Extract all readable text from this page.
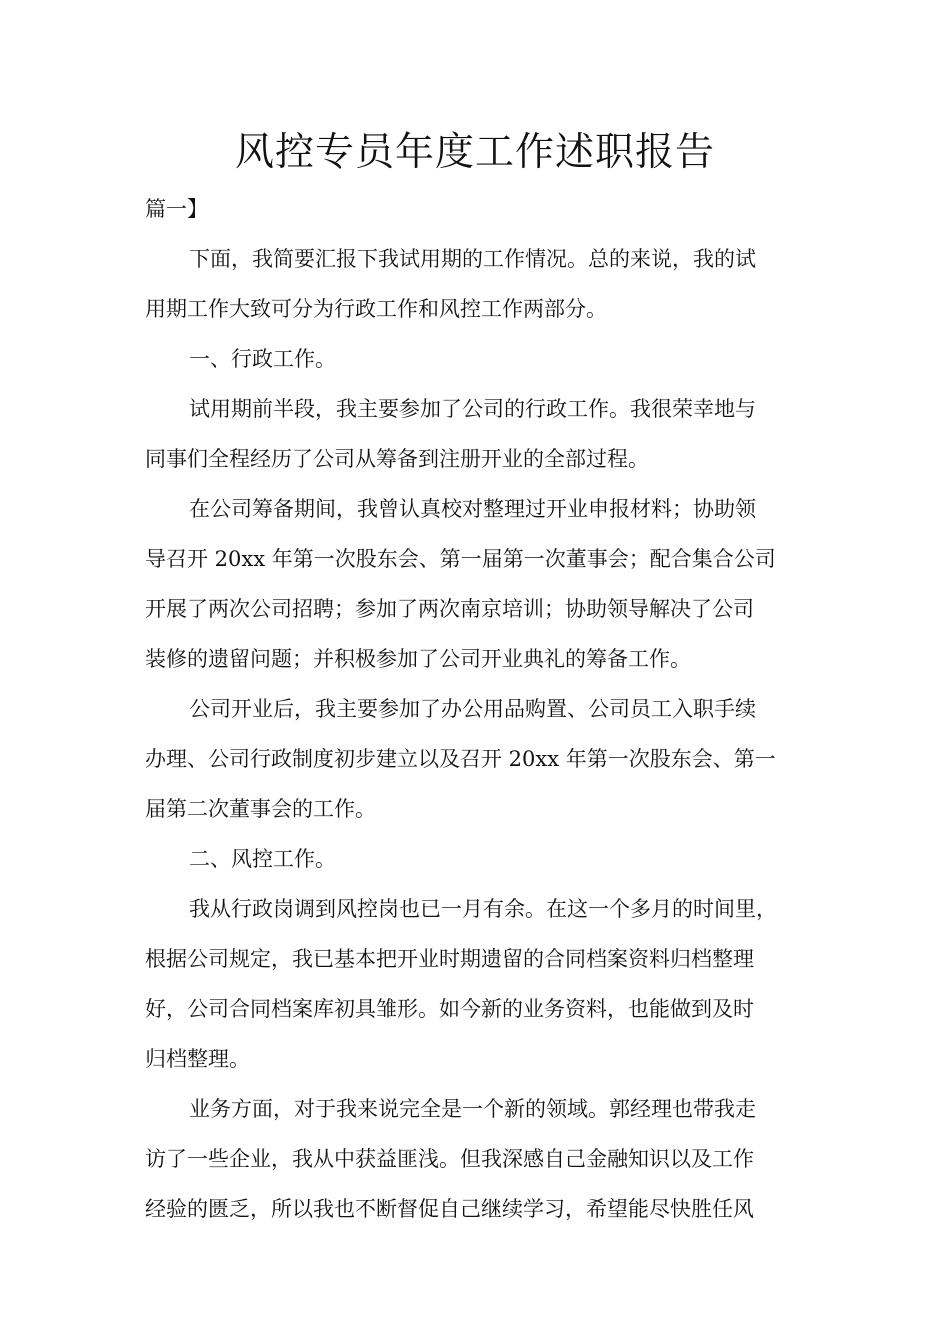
风控专员年度工作述职报告
篇一】
下面，我简要汇报下我试用期的工作情况。总的来说，我的试
用期工作大致可分为行政工作和风控工作两部分。
一、行政工作。
试用期前半段，我主要参加了公司的行政工作。我很荣幸地与
同事们全程经历了公司从筹备到注册开业的全部过程。
在公司筹备期间，我曾认真校对整理过开业申报材料；协助领
导召开 20xx 年第一次股东会、第一届第一次董事会；配合集合公司
开展了两次公司招聘；参加了两次南京培训；协助领导解决了公司
装修的遗留问题；并积极参加了公司开业典礼的筹备工作。
公司开业后，我主要参加了办公用品购置、公司员工入职手续
办理、公司行政制度初步建立以及召开 20xx 年第一次股东会、第一
届第二次董事会的工作。
二、风控工作。
我从行政岗调到风控岗也已一月有余。在这一个多月的时间里，
根据公司规定，我已基本把开业时期遗留的合同档案资料归档整理
好，公司合同档案库初具雏形。如今新的业务资料，也能做到及时
归档整理。
业务方面，对于我来说完全是一个新的领域。郭经理也带我走
访了一些企业，我从中获益匪浅。但我深感自己金融知识以及工作
经验的匮乏，所以我也不断督促自己继续学习，希望能尽快胜任风
